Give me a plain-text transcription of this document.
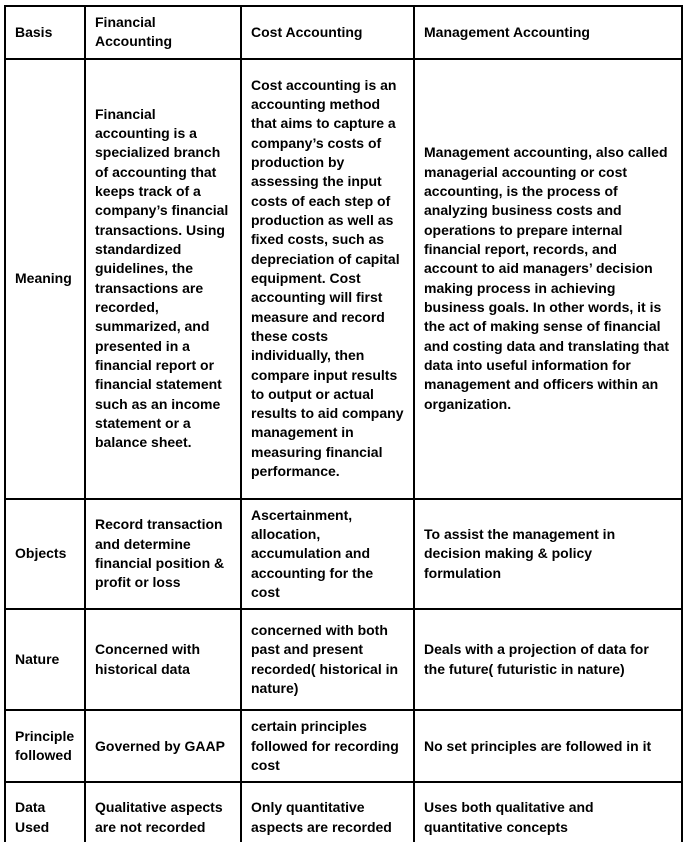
Basis	Financial Accounting	Cost Accounting	Management Accounting
Meaning	Financial accounting is a specialized branch of accounting that keeps track of a company’s financial transactions. Using standardized guidelines, the transactions are recorded, summarized, and presented in a financial report or financial statement such as an income statement or a balance sheet.	Cost accounting is an accounting method that aims to capture a company’s costs of production by assessing the input costs of each step of production as well as fixed costs, such as depreciation of capital equipment. Cost accounting will first measure and record these costs individually, then compare input results to output or actual results to aid company management in measuring financial performance.	Management accounting, also called managerial accounting or cost accounting, is the process of analyzing business costs and operations to prepare internal financial report, records, and account to aid managers’ decision making process in achieving business goals. In other words, it is the act of making sense of financial and costing data and translating that data into useful information for management and officers within an organization.
Objects	Record transaction and determine financial position & profit or loss	Ascertainment, allocation, accumulation and accounting for the cost	To assist the management in decision making & policy formulation
Nature	Concerned with historical data	concerned with both past and present recorded( historical in nature)	Deals with a projection of data for the future( futuristic in nature)
Principle followed	Governed by GAAP	certain principles followed for recording cost	No set principles are followed in it
Data Used	Qualitative aspects are not recorded	Only quantitative aspects are recorded	Uses both qualitative and quantitative concepts
